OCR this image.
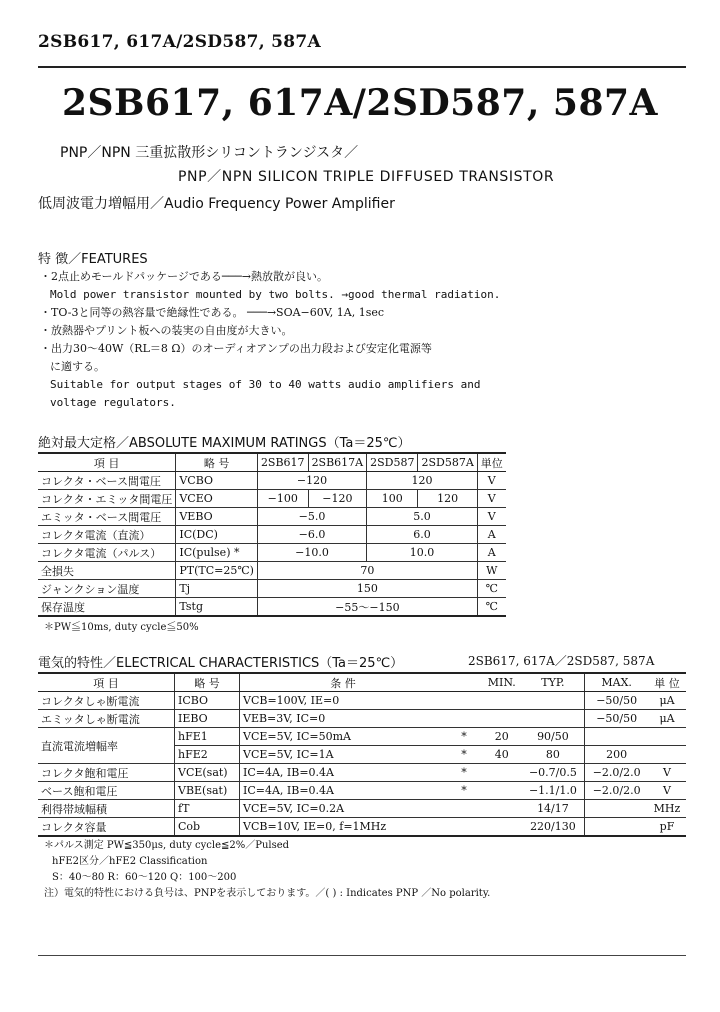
2SB617, 617A/2SD587, 587A
2SB617, 617A/2SD587, 587A
PNP／NPN 三重拡散形シリコントランジスタ／
PNP／NPN SILICON TRIPLE DIFFUSED TRANSISTOR
低周波電力増幅用／Audio Frequency Power Amplifier
特 徴／FEATURES
・2点止めモールドパッケージである───→熱放散が良い。
Mold power transistor mounted by two bolts. →good thermal radiation.
・TO-3と同等の熱容量で絶縁性である。 ───→SOA−60V, 1A, 1sec
・放熱器やプリント板への装実の自由度が大きい。
・出力30〜40W（RL＝8 Ω）のオーディオアンプの出力段および安定化電源等
に適する。
Suitable for output stages of 30 to 40 watts audio amplifiers and
voltage regulators.
絶対最大定格／ABSOLUTE MAXIMUM RATINGS（Ta＝25℃）
項 目	略 号	2SB617	2SB617A	2SD587	2SD587A	単位
コレクタ・ベース間電圧	VCBO	−120		120		V
コレクタ・エミッタ間電圧	VCEO	−100	−120	100	120	V
エミッタ・ベース間電圧	VEBO	−5.0		5.0		V
コレクタ電流（直流）	IC(DC)	−6.0		6.0		A
コレクタ電流（パルス）	IC(pulse) *	−10.0		10.0		A
全損失	PT(TC=25℃)	70				W
ジャンクション温度	Tj	150				℃
保存温度	Tstg	−55〜−150				℃
＊PW≦10ms, duty cycle≦50%
電気的特性／ELECTRICAL CHARACTERISTICS（Ta＝25℃）	2SB617, 617A／2SD587, 587A
項 目	略 号	条 件		MIN.	TYP.	MAX.	単 位
コレクタしゃ断電流	ICBO	VCB=100V, IE=0				−50/50	μA
エミッタしゃ断電流	IEBO	VEB=3V, IC=0				−50/50	μA
直流電流増幅率	hFE1	VCE=5V, IC=50mA	*	20	90/50		
	hFE2	VCE=5V, IC=1A	*	40	80	200	
コレクタ飽和電圧	VCE(sat)	IC=4A, IB=0.4A	*		−0.7/0.5	−2.0/2.0	V
ベース飽和電圧	VBE(sat)	IC=4A, IB=0.4A	*		−1.1/1.0	−2.0/2.0	V
利得帯域幅積	fT	VCE=5V, IC=0.2A			14/17		MHz
コレクタ容量	Cob	VCB=10V, IE=0, f=1MHz			220/130		pF
＊パルス測定 PW≦350μs, duty cycle≦2%／Pulsed
hFE2区分／hFE2 Classification
S：40〜80 R：60〜120 Q：100〜200
注）電気的特性における負号は、PNPを表示しております。／( ) : Indicates PNP ／No polarity.
